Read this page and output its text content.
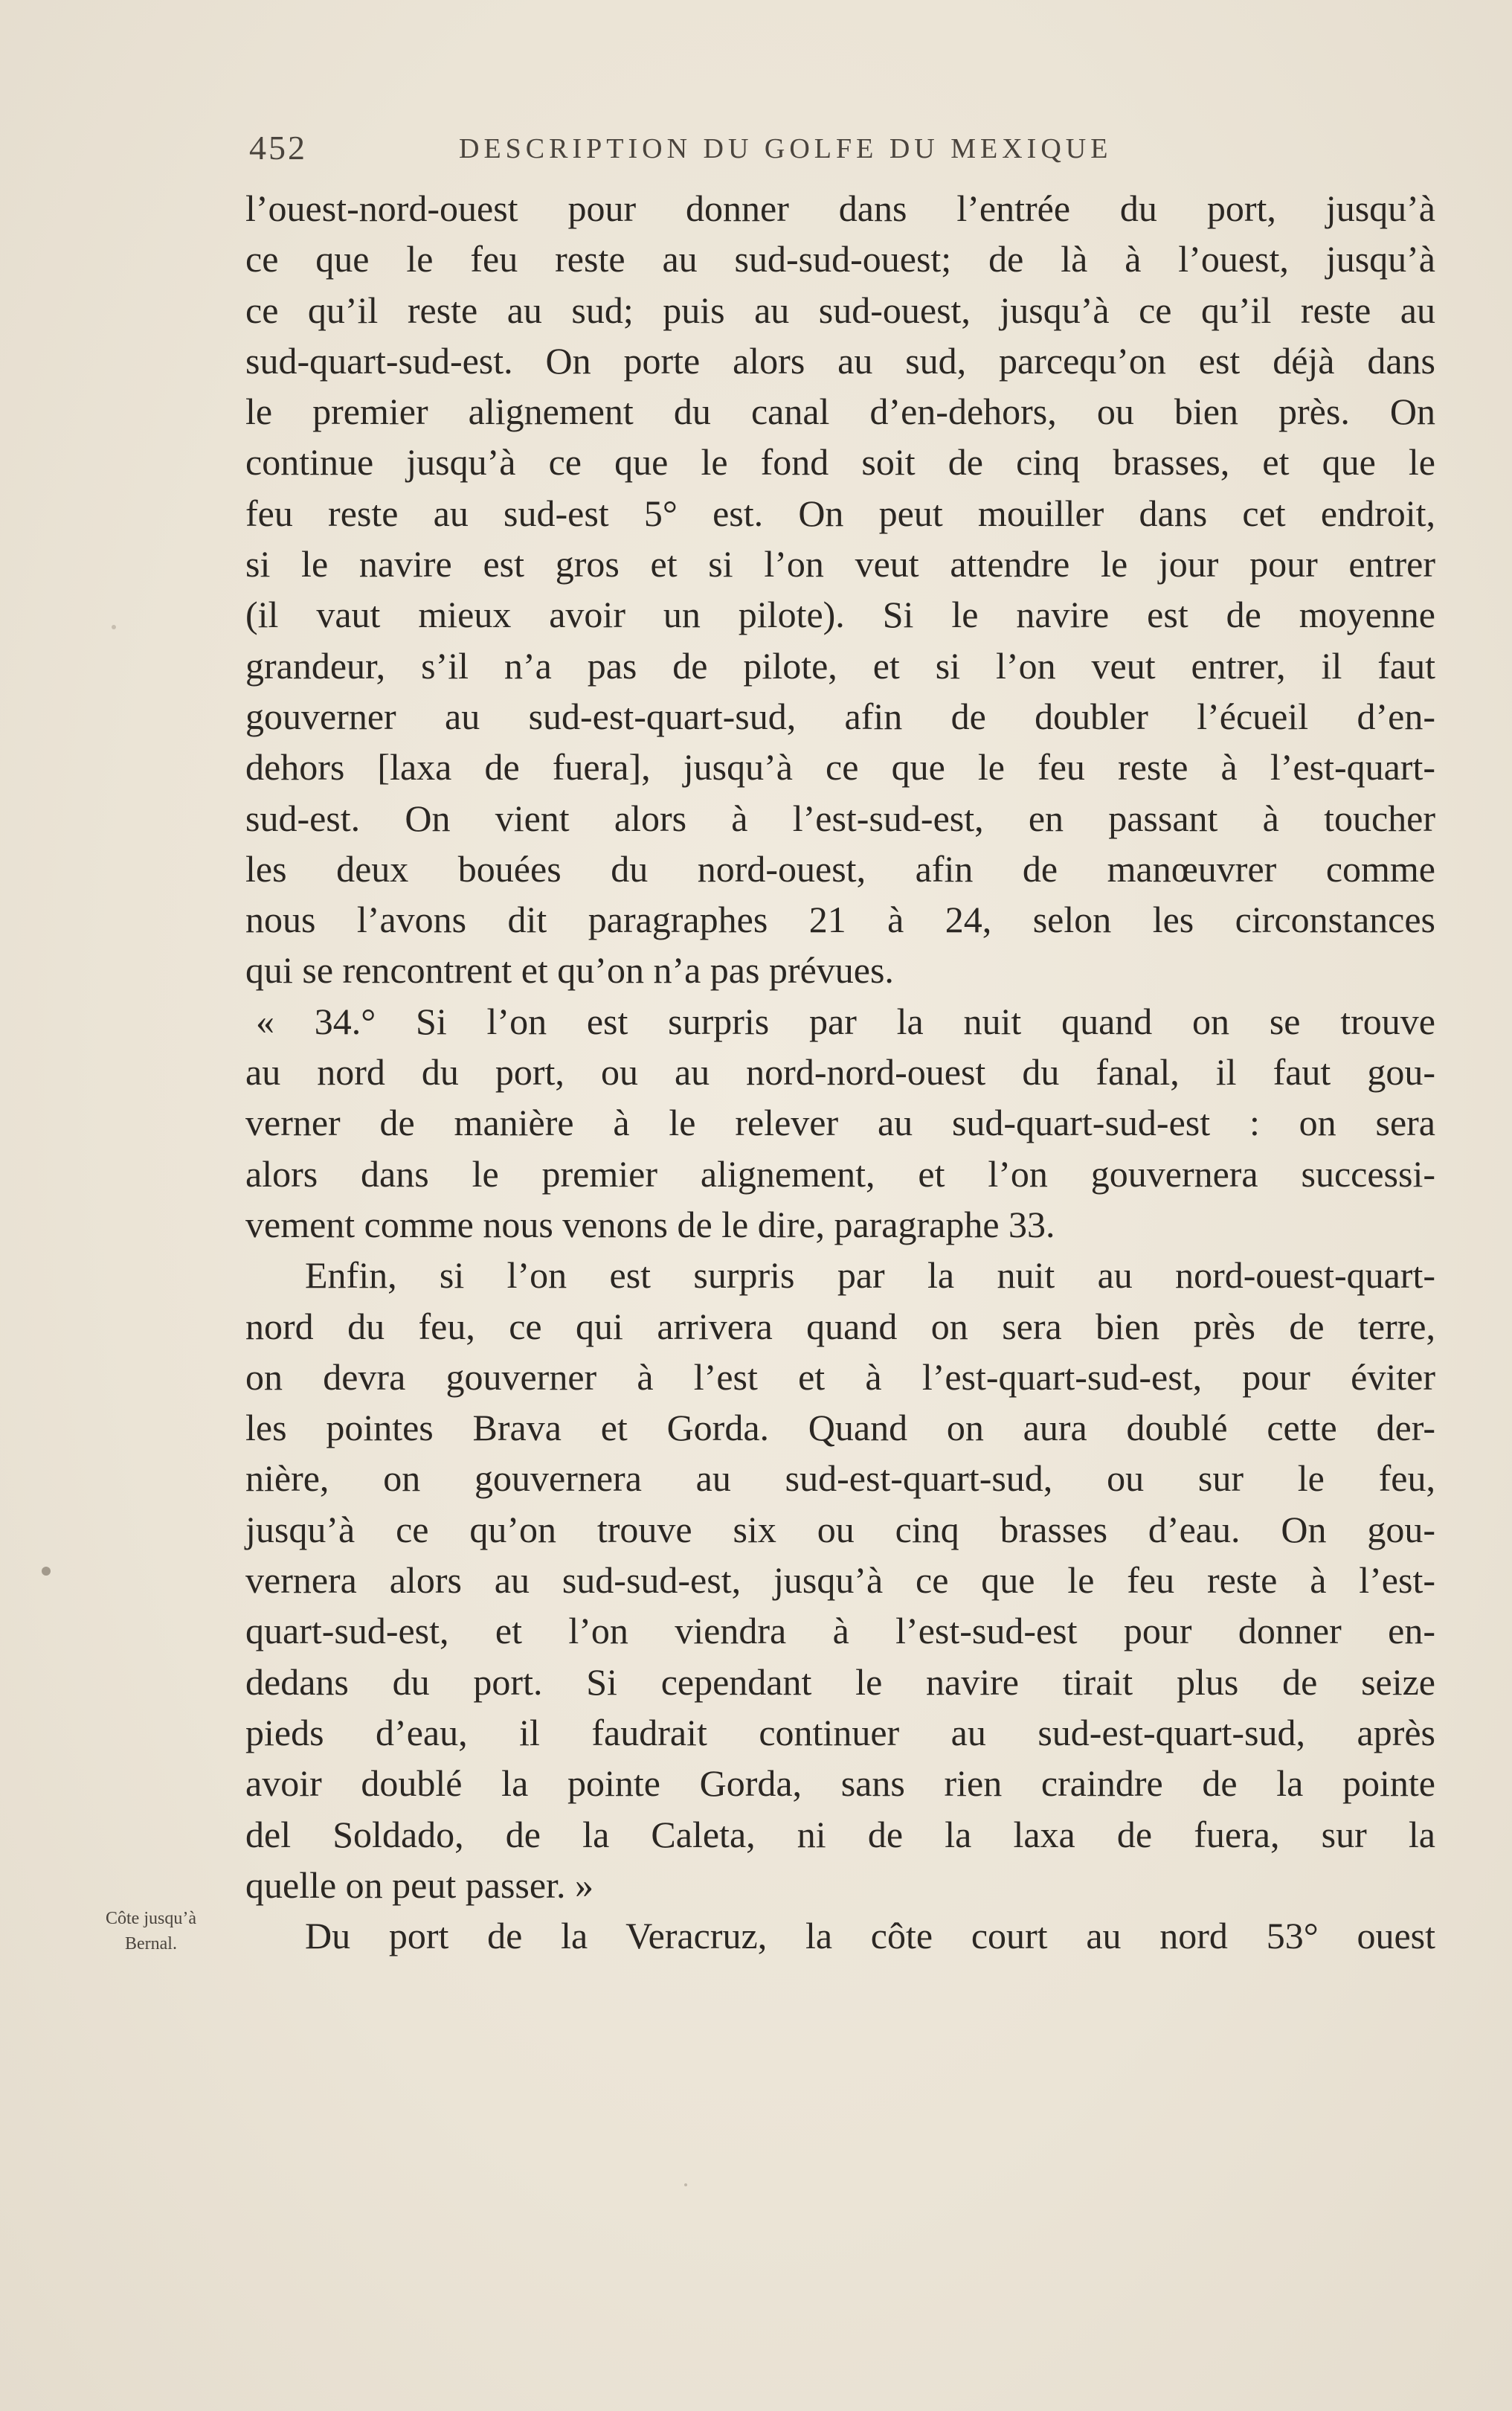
452	DESCRIPTION DU GOLFE DU MEXIQUE
l’ouest-nord-ouest pour donner dans l’entrée du port, jusqu’à
ce que le feu reste au sud-sud-ouest; de là à l’ouest, jusqu’à
ce qu’il reste au sud; puis au sud-ouest, jusqu’à ce qu’il reste au
sud-quart-sud-est. On porte alors au sud, parcequ’on est déjà dans
le premier alignement du canal d’en-dehors, ou bien près. On
continue jusqu’à ce que le fond soit de cinq brasses, et que le
feu reste au sud-est 5° est. On peut mouiller dans cet endroit,
si le navire est gros et si l’on veut attendre le jour pour entrer
(il vaut mieux avoir un pilote). Si le navire est de moyenne
grandeur, s’il n’a pas de pilote, et si l’on veut entrer, il faut
gouverner au sud-est-quart-sud, afin de doubler l’écueil d’en-
dehors [laxa de fuera], jusqu’à ce que le feu reste à l’est-quart-
sud-est. On vient alors à l’est-sud-est, en passant à toucher
les deux bouées du nord-ouest, afin de manœuvrer comme
nous l’avons dit paragraphes 21 à 24, selon les circonstances
qui se rencontrent et qu’on n’a pas prévues.
« 34.° Si l’on est surpris par la nuit quand on se trouve
au nord du port, ou au nord-nord-ouest du fanal, il faut gou-
verner de manière à le relever au sud-quart-sud-est : on sera
alors dans le premier alignement, et l’on gouvernera successi-
vement comme nous venons de le dire, paragraphe 33.
Enfin, si l’on est surpris par la nuit au nord-ouest-quart-
nord du feu, ce qui arrivera quand on sera bien près de terre,
on devra gouverner à l’est et à l’est-quart-sud-est, pour éviter
les pointes Brava et Gorda. Quand on aura doublé cette der-
nière, on gouvernera au sud-est-quart-sud, ou sur le feu,
jusqu’à ce qu’on trouve six ou cinq brasses d’eau. On gou-
vernera alors au sud-sud-est, jusqu’à ce que le feu reste à l’est-
quart-sud-est, et l’on viendra à l’est-sud-est pour donner en-
dedans du port. Si cependant le navire tirait plus de seize
pieds d’eau, il faudrait continuer au sud-est-quart-sud, après
avoir doublé la pointe Gorda, sans rien craindre de la pointe
del Soldado, de la Caleta, ni de la laxa de fuera, sur la
quelle on peut passer. »
Du port de la Veracruz, la côte court au nord 53° ouest
Côte jusqu’à
Bernal.
